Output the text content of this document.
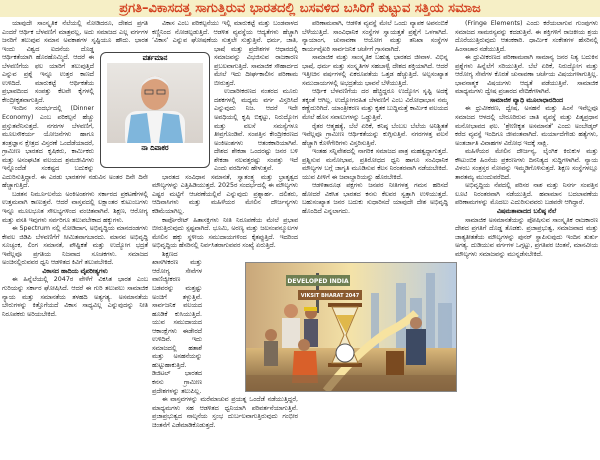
ಪ್ರಗತಿ–ವಿಕಾಸದತ್ತ ಸಾಗುತ್ತಿರುವ ಭಾರತದಲ್ಲಿ ಬಸವಳಿದ ಬಸಿರಿಗೆ ಕುಟ್ಟುವ ಸತ್ತಿಯ ಸಮಾಜ

ಯಾವುದೇ ಸಾಂಸ್ಕೃತಿಕ ನೆಲೆಯಲ್ಲಿ ನೋಡಿದರೂ, ದೇಶದ ಪ್ರಗತಿ ಎಂದರೆ ಆರ್ಥಿಕ ಬೆಳವಣಿಗೆ ಮಾತ್ರವಲ್ಲ, ಅದು ಸಮಾಜದ ಎಲ್ಲ ವರ್ಗಗಳ ಜನರಿಗೆ ತಲುಪುವ ಸಮಾನ ಅವಕಾಶಗಳ ಸೃಷ್ಟಿಯೂ ಹೌದು. ಭಾರತ ಇಂದು ವಿಶ್ವದ ಐದನೆಯ ದೊಡ್ಡ ಆರ್ಥಿಕತೆಯಾಗಿ ಹೊರಹೊಮ್ಮಿದೆ. ಆದರೆ ಈ ಬೆಳವಣಿಗೆಯ ಫಲ ಯಾರಿಗೆ ತಲುಪುತ್ತಿದೆ ಎನ್ನುವ ಪ್ರಶ್ನೆ ಇನ್ನೂ ಉತ್ತರ ಕಾಣದೆ ಉಳಿದಿದೆ. ಮಾರುಕಟ್ಟೆ ಆರ್ಥಿಕತೆಯ ಪ್ರಭಾವದಿಂದ ಸಂಪತ್ತು ಕೆಲವೇ ಕೈಗಳಲ್ಲಿ ಕೇಂದ್ರೀಕೃತವಾಗುತ್ತಿದೆ.

ಇಂದಿನ ಸಂದರ್ಭದಲ್ಲಿ (Dinner Economy) ಎಂಬ ಪರಿಕಲ್ಪನೆ ಹೆಚ್ಚು ಪ್ರಸ್ತುತವೆನಿಸುತ್ತದೆ. ನಗರಗಳ ಬೆಳವಣಿಗೆ, ಮೂಲಸೌಕರ್ಯ ಯೋಜನೆಗಳು ಹಾಗೂ ತಂತ್ರಜ್ಞಾನ ಕ್ಷೇತ್ರದ ವಿಸ್ತರಣೆ ಒಂದೆಡೆಯಾದರೆ, ಗ್ರಾಮೀಣ ಭಾರತದ ಕೃಷಿಕರು, ಕಾರ್ಮಿಕರು ಮತ್ತು ಅಸಂಘಟಿತ ವಲಯದ ಶ್ರಮಜೀವಿಗಳು ಇನ್ನೊಂದೆಡೆ ಸಂಕಷ್ಟದ ಬದುಕನ್ನು ಎದುರಿಸುತ್ತಿದ್ದಾರೆ. ಈ ಎರಡು ಭಾರತಗಳ ನಡುವಿನ ಅಂತರ ದಿನೇ ದಿನೇ ಹೆಚ್ಚಾಗುತ್ತಿದೆ.

ಬಡತನ ನಿರ್ಮೂಲನೆಯ ಅಂಕಿಅಂಶಗಳು ಸರ್ಕಾರದ ಪ್ರಕಟಣೆಗಳಲ್ಲಿ ಉತ್ತಮವಾಗಿ ಕಾಣುತ್ತವೆ. ಆದರೆ ವಾಸ್ತವದಲ್ಲಿ ಲಕ್ಷಾಂತರ ಕುಟುಂಬಗಳು ಇನ್ನೂ ಮೂಲಭೂತ ಸೌಲಭ್ಯಗಳಿಂದ ವಂಚಿತವಾಗಿವೆ. ಶಿಕ್ಷಣ, ಆರೋಗ್ಯ ಮತ್ತು ವಸತಿ ಇವುಗಳು ಸರ್ವರಿಗೂ ತಲುಪಬೇಕಾದ ಹಕ್ಕುಗಳು.

ಈ Spectrum ನಲ್ಲಿ ನೋಡಿದಾಗ, ಅಭಿವೃದ್ಧಿಯ ಮಾನದಂಡಗಳು ಕೇವಲ ಜಿಡಿಪಿ ಬೆಳವಣಿಗೆಗೆ ಸೀಮಿತವಾಗಬಾರದು. ಮಾನವ ಅಭಿವೃದ್ಧಿ ಸೂಚ್ಯಂಕ, ಲಿಂಗ ಸಮಾನತೆ, ಪೌಷ್ಟಿಕತೆ ಮತ್ತು ಉದ್ಯೋಗ ಭದ್ರತೆ ಇವೆಲ್ಲವೂ ಪ್ರಗತಿಯ ನಿಜವಾದ ಸೂಚಕಗಳು. ಸಮಾಜದ ಅಂಚಿನಲ್ಲಿರುವವರ ಧ್ವನಿ ಆಡಳಿತದ ಕಿವಿಗೆ ತಲುಪಬೇಕಿದೆ.

ವಿಕಾಸದ ಹಾದಿಯ ವೈಪರೀತ್ಯಗಳು

ಈ ಹಿನ್ನೆಲೆಯಲ್ಲಿ 2047ರ ವೇಳೆಗೆ ವಿಕಸಿತ ಭಾರತ ಎಂಬ ಗುರಿಯನ್ನು ಸರ್ಕಾರ ಘೋಷಿಸಿದೆ. ಆದರೆ ಈ ಗುರಿ ತಲುಪಲು ಸಾಮಾಜಿಕ ನ್ಯಾಯ ಮತ್ತು ಸಮಾನತೆಯ ತಳಹದಿ ಅತ್ಯಗತ್ಯ. ಅಸಮಾನತೆಯ ಬೇರುಗಳನ್ನು ಕಿತ್ತೊಗೆಯದೆ ವಿಕಾಸ ಸಾಧ್ಯವಿಲ್ಲ ಎನ್ನುವುದನ್ನು ನೀತಿ ನಿರೂಪಕರು ಅರಿಯಬೇಕಿದೆ.

ವಿಕಾಸ ಎಂಬ ಪರಿಕಲ್ಪನೆಯು ಇಲ್ಲಿ ಮಾರುಕಟ್ಟೆ ಮತ್ತು ಬಂಡವಾಳದ ಕಣ್ಣಿನಿಂದ ನೋಡಲ್ಪಡುತ್ತಿದೆ. ಆಡಳಿತ ವ್ಯವಸ್ಥೆಯ ಆದ್ಯತೆಗಳು ಹೆಚ್ಚಾಗಿ ‘ವಿಕಾಸ’ ಎನ್ನುವ ಘೋಷಣೆಯ ಸುತ್ತಲೇ ಸುತ್ತುತ್ತಿವೆ. ಧರ್ಮ, ಜಾತಿ, ಭಾಷೆ ಮತ್ತು ಪ್ರದೇಶಗಳ ಆಧಾರದಲ್ಲಿ ಸಮಾಜವನ್ನು ವಿಭಜಿಸುವ ರಾಜಕಾರಣ ಪ್ರಬಲವಾಗುತ್ತಿದೆ. ಸಾಮಾಜಿಕ ಸೌಹಾರ್ದದ ಮೇಲೆ ಇದು ದೀರ್ಘಕಾಲೀನ ಪರಿಣಾಮ ಬೀರುತ್ತದೆ.

ಉದಾರೀಕರಣದ ನಂತರದ ಮೂರು ದಶಕಗಳಲ್ಲಿ ಮಧ್ಯಮ ವರ್ಗ ವಿಸ್ತರಿಸಿದೆ ಎನ್ನುವುದು ನಿಜ. ಆದರೆ ಇದೇ ಅವಧಿಯಲ್ಲಿ ಕೃಷಿ ಬಿಕ್ಕಟ್ಟು, ನಿರುದ್ಯೋಗ ಮತ್ತು ವಲಸೆ ಸಮಸ್ಯೆಗಳೂ ತೀವ್ರಗೊಂಡಿವೆ. ಸಂಪತ್ತಿನ ಕೇಂದ್ರೀಕರಣದ ಅಂಕಿಅಂಶಗಳು ಆತಂಕಕಾರಿಯಾಗಿವೆ. ದೇಶದ ಶೇಕಡಾ ಒಂದರಷ್ಟು ಜನರ ಬಳಿ ಶೇಕಡಾ ನಲವತ್ತರಷ್ಟು ಸಂಪತ್ತು ಇದೆ ಎಂದು ವರದಿಗಳು ಹೇಳುತ್ತವೆ.

ಭಾರತದ ಸಂವಿಧಾನ ಸಮಾನತೆ, ಸ್ವಾತಂತ್ರ್ಯ ಮತ್ತು ಭ್ರಾತೃತ್ವದ ಮೌಲ್ಯಗಳನ್ನು ಎತ್ತಿಹಿಡಿಯುತ್ತದೆ. 2025ರ ಸಂದರ್ಭದಲ್ಲಿ ಈ ಮೌಲ್ಯಗಳು ಎಷ್ಟರ ಮಟ್ಟಿಗೆ ಆಚರಣೆಯಲ್ಲಿವೆ ಎನ್ನುವುದು ಪ್ರಶ್ನಾರ್ಹ. ದಲಿತರು, ಆದಿವಾಸಿಗಳು ಮತ್ತು ಮಹಿಳೆಯರ ಮೇಲಿನ ದೌರ್ಜನ್ಯಗಳು ಕಡಿಮೆಯಾಗಿಲ್ಲ.

ಕಾರ್ಪೊರೇಟ್ ಹಿತಾಸಕ್ತಿಗಳು ನೀತಿ ನಿರೂಪಣೆಯ ಮೇಲೆ ಪ್ರಭಾವ ಬೀರುತ್ತಿರುವುದು ಸ್ಪಷ್ಟವಾಗಿದೆ. ಭೂಮಿ, ಅರಣ್ಯ ಮತ್ತು ಜಲಸಂಪನ್ಮೂಲಗಳ ಮೇಲಿನ ಹಕ್ಕು ಸ್ಥಳೀಯ ಸಮುದಾಯಗಳಿಂದ ಕೈತಪ್ಪುತ್ತಿದೆ. ಇದರಿಂದ ಅಭಿವೃದ್ಧಿಯ ಹೆಸರಿನಲ್ಲಿ ನಿರ್ವಸಿತರಾಗುವವರ ಸಂಖ್ಯೆ ಏರುತ್ತಿದೆ.

ಶಿಕ್ಷಣದ ಖಾಸಗೀಕರಣ ಮತ್ತು ಆರೋಗ್ಯ ಸೇವೆಗಳ ವಾಣಿಜ್ಯೀಕರಣ ಬಡವರನ್ನು ಮತ್ತಷ್ಟು ಅಂಚಿಗೆ ತಳ್ಳುತ್ತಿವೆ. ಸಾರ್ವಜನಿಕ ವಲಯದ ಹೂಡಿಕೆ ಕುಸಿಯುತ್ತಿದೆ. ಯುವ ಸಮುದಾಯದ ಆಕಾಂಕ್ಷೆಗಳು ಈಡೇರದೆ ಉಳಿದಿವೆ. ಇದು ಸಮಾಜದಲ್ಲಿ ಹತಾಶೆ ಮತ್ತು ಅಸಹನೆಯನ್ನು ಹುಟ್ಟುಹಾಕುತ್ತಿದೆ. ಡಿಜಿಟಲ್ ಭಾರತದ ಕನಸು ಗ್ರಾಮೀಣ ಪ್ರದೇಶಗಳನ್ನು ತಲುಪಿಲ್ಲ.

ಈ ವಾಸ್ತವಗಳನ್ನು ಮರೆಮಾಚುವ ಪ್ರಯತ್ನ ಒಂದೆಡೆ ನಡೆಯುತ್ತಿದ್ದರೆ, ಮಾಧ್ಯಮಗಳು ಸಹ ಆಡಳಿತದ ಧ್ವನಿಯಾಗಿ ಪರಿವರ್ತನೆಯಾಗುತ್ತಿವೆ. ಪ್ರಜಾಪ್ರಭುತ್ವದ ನಾಲ್ಕನೆಯ ಸ್ತಂಭ ದುರ್ಬಲವಾಗುತ್ತಿರುವುದು ಗಂಭೀರ ಚಿಂತನೆಗೆ ಎಡೆಮಾಡಿಕೊಡುತ್ತದೆ.

ಪರಿಣಾಮವಾಗಿ, ಆಡಳಿತ ವ್ಯವಸ್ಥೆ ಮೇಲೆ ಒಂದು ವ್ಯಾಪಕ ಅಪನಂಬಿಕೆ ಬೆಳೆಯುತ್ತಿದೆ. ಸಾಂವಿಧಾನಿಕ ಸಂಸ್ಥೆಗಳ ಸ್ವಾಯತ್ತತೆ ಪ್ರಶ್ನೆಗೆ ಒಳಗಾಗಿದೆ. ನ್ಯಾಯಾಂಗ, ಚುನಾವಣಾ ಆಯೋಗ ಮತ್ತು ತನಿಖಾ ಸಂಸ್ಥೆಗಳ ಕಾರ್ಯವೈಖರಿ ಸಾರ್ವಜನಿಕ ಚರ್ಚೆಗೆ ಗ್ರಾಸವಾಗಿದೆ.

ಸಾಮಾಜಿಕ ಮತ್ತು ಸಾಂಸ್ಕೃತಿಕ ಬಹುತ್ವ ಭಾರತದ ಜೀವಾಳ. ವಿಭಿನ್ನ ಭಾಷೆ, ಧರ್ಮ ಮತ್ತು ಸಂಸ್ಕೃತಿಗಳ ಸಹಬಾಳ್ವೆ ದೇಶದ ಶಕ್ತಿಯಾಗಿದೆ. ಆದರೆ ಇತ್ತೀಚಿನ ವರ್ಷಗಳಲ್ಲಿ ಏಕರೂಪತೆಯ ಒತ್ತಡ ಹೆಚ್ಚುತ್ತಿದೆ. ಅಲ್ಪಸಂಖ್ಯಾತ ಸಮುದಾಯಗಳಲ್ಲಿ ಅಭದ್ರತೆಯ ಭಾವನೆ ಬೆಳೆಯುತ್ತಿದೆ.

ಆರ್ಥಿಕ ಬೆಳವಣಿಗೆಯ ದರ ಹೆಚ್ಚಿದ್ದರೂ ಉದ್ಯೋಗ ಸೃಷ್ಟಿ ಅದಕ್ಕೆ ತಕ್ಕಂತೆ ಆಗಿಲ್ಲ. ಉದ್ಯೋಗರಹಿತ ಬೆಳವಣಿಗೆ ಎಂಬ ವಿರೋಧಾಭಾಸ ನಮ್ಮ ಕಣ್ಣೆದುರಿಗಿದೆ. ಯಾಂತ್ರೀಕರಣ ಮತ್ತು ಕೃತಕ ಬುದ್ಧಿಮತ್ತೆ ಕಾರ್ಮಿಕ ವಲಯದ ಮೇಲೆ ಹೊಸ ಸವಾಲುಗಳನ್ನು ಒಡ್ಡುತ್ತಿವೆ.

ರೈತರ ಆತ್ಮಹತ್ಯೆ, ಬೆಲೆ ಏರಿಕೆ, ಕನಿಷ್ಠ ಬೆಂಬಲ ಬೆಲೆಯ ಅನಿಶ್ಚಿತತೆ ಇವೆಲ್ಲವೂ ಗ್ರಾಮೀಣ ಆರ್ಥಿಕತೆಯನ್ನು ಕುಗ್ಗಿಸುತ್ತಿವೆ. ನಗರಗಳತ್ತ ವಲಸೆ ಹೆಚ್ಚಾಗಿ ಕೊಳೆಗೇರಿಗಳು ವಿಸ್ತರಿಸುತ್ತಿವೆ.

ಇಂತಹ ಸನ್ನಿವೇಶದಲ್ಲಿ ನಾಗರಿಕ ಸಮಾಜದ ಪಾತ್ರ ಮಹತ್ವದ್ದಾಗುತ್ತದೆ. ಪ್ರಶ್ನಿಸುವ ಮನೋಭಾವ, ಪ್ರತಿರೋಧದ ಧ್ವನಿ ಹಾಗೂ ಸಂವಿಧಾನಿಕ ಮೌಲ್ಯಗಳ ಬಗ್ಗೆ ಜಾಗೃತಿ ಮೂಡಿಸುವ ಕೆಲಸ ನಿರಂತರವಾಗಿ ನಡೆಯಬೇಕಿದೆ. ಯುವ ಪೀಳಿಗೆ ಈ ಜವಾಬ್ದಾರಿಯನ್ನು ಹೊರಬೇಕಿದೆ.

ಆಡಳಿತಾರೂಢ ಪಕ್ಷಗಳು ಜನಪರ ನೀತಿಗಳತ್ತ ಗಮನ ಹರಿಸದೆ ಹೋದರೆ ವಿಕಸಿತ ಭಾರತದ ಕನಸು ಕೆಲವರ ಸ್ವತ್ತಾಗಿ ಉಳಿಯುತ್ತದೆ. ಬಹುಸಂಖ್ಯಾತ ಜನರ ಬದುಕು ಸುಧಾರಿಸದೆ ಯಾವುದೇ ದೇಶ ಅಭಿವೃದ್ಧಿ ಹೊಂದಿದೆ ಎನ್ನಲಾಗದು.

(Fringe Elements) ಎಂದು ಕರೆಯಲಾಗುವ ಗುಂಪುಗಳು ಸಮಾಜದ ಸಾಮರಸ್ಯವನ್ನು ಕದಡುತ್ತಿವೆ. ಈ ಶಕ್ತಿಗಳಿಗೆ ರಾಜಕೀಯ ಶ್ರಯ ದೊರೆಯುತ್ತಿರುವುದು ಆತಂಕಕಾರಿ. ಧಾರ್ಮಿಕ ಸಂಕೇತಗಳ ಹೆಸರಿನಲ್ಲಿ ಹಿಂಸಾಚಾರ ನಡೆಯುತ್ತಿದೆ.

ಈ ಧ್ರುವೀಕರಣದ ಪರಿಣಾಮವಾಗಿ ಸಾಮಾನ್ಯ ಜನರ ನಿತ್ಯ ಬದುಕಿನ ಪ್ರಶ್ನೆಗಳು ಹಿನ್ನೆಲೆಗೆ ಸರಿಯುತ್ತಿವೆ. ಬೆಲೆ ಏರಿಕೆ, ನಿರುದ್ಯೋಗ ಮತ್ತು ಆರೋಗ್ಯ ಸೇವೆಗಳ ಕೊರತೆ ಚುನಾವಣಾ ಚರ್ಚೆಯ ವಿಷಯಗಳಾಗುತ್ತಿಲ್ಲ. ಭಾವನಾತ್ಮಕ ವಿಷಯಗಳು ಆದ್ಯತೆ ಪಡೆಯುತ್ತಿವೆ. ಸಾಮಾಜಿಕ ಮಾಧ್ಯಮಗಳು ದ್ವೇಷ ಪ್ರಚಾರದ ವೇದಿಕೆಗಳಾಗಿವೆ.

ಸಾಮಾಜಿಕ ವ್ಯಾಧಿ ಮೂಲಾಧಾರದಿಂದ

ಈ ಧ್ರುವೀಕರಣ, ದ್ವೇಷ, ಅಸಹನೆ ಮತ್ತು ಹಿಂಸೆ ಇವೆಲ್ಲವೂ ಸಮಾಜದ ಆಳದಲ್ಲಿ ಬೇರೂರಿರುವ ಜಾತಿ ವ್ಯವಸ್ಥೆ ಮತ್ತು ಪಿತೃಪ್ರಧಾನ ಮನೋಭಾವದ ಫಲ. ‘ಶ್ರೇಣೀಕೃತ ಅಸಮಾನತೆ’ ಎಂದು ಅಂಬೇಡ್ಕರ್ ಕರೆದ ವ್ಯವಸ್ಥೆ ಇಂದಿಗೂ ಜೀವಂತವಾಗಿದೆ. ಮರ್ಯಾದೆಗೇಡು ಹತ್ಯೆಗಳು, ಅಂತರ್ಜಾತಿ ವಿವಾಹಗಳ ವಿರೋಧ ಇದಕ್ಕೆ ಸಾಕ್ಷಿ.

ಮಹಿಳೆಯರ ಮೇಲಿನ ದೌರ್ಜನ್ಯ, ಲೈಂಗಿಕ ಕಿರುಕುಳ ಮತ್ತು ಕೌಟುಂಬಿಕ ಹಿಂಸೆಯ ಪ್ರಕರಣಗಳು ದಿನನಿತ್ಯದ ಸುದ್ದಿಗಳಾಗಿವೆ. ನ್ಯಾಯ ವಿಳಂಬ ಸಂತ್ರಸ್ತರ ನೋವನ್ನು ಇಮ್ಮಡಿಗೊಳಿಸುತ್ತದೆ. ಶಿಕ್ಷಣ ಸಂಸ್ಥೆಗಳಲ್ಲೂ ತಾರತಮ್ಯ ಮುಂದುವರೆದಿದೆ.

ಅಭಿವೃದ್ಧಿಯ ನೆಪದಲ್ಲಿ ಪರಿಸರ ನಾಶ ಮತ್ತು ನಿಸರ್ಗ ಸಂಪತ್ತಿನ ಲೂಟಿ ನಿರಂತರವಾಗಿ ನಡೆಯುತ್ತಿದೆ. ಹವಾಮಾನ ಬದಲಾವಣೆಯ ಪರಿಣಾಮಗಳನ್ನು ಮೊದಲು ಎದುರಿಸುವವರು ಬಡವರೇ ಆಗಿದ್ದಾರೆ.

ವಿಷಮತಾವಾದದ ಬಲಿಷ್ಠ ನೆಲೆ

ಸಾಮಾಜಿಕ ಅಸಮಾನತೆಯನ್ನು ಪೋಷಿಸುವ ಸಾಂಸ್ಕೃತಿಕ ರಾಜಕಾರಣ ದೇಶದ ಪ್ರಗತಿಗೆ ದೊಡ್ಡ ತೊಡಕು. ಪ್ರಜಾಪ್ರಭುತ್ವ, ಸಮಾಜವಾದ ಮತ್ತು ಜಾತ್ಯತೀತತೆಯ ಮೌಲ್ಯಗಳನ್ನು ಪುನರ್ ಸ್ಥಾಪಿಸುವುದು ಇಂದಿನ ತುರ್ತು ಅಗತ್ಯ. ದುಡಿಯುವ ವರ್ಗಗಳ ಒಗ್ಗಟ್ಟು, ಪ್ರಗತಿಪರ ಚಿಂತನೆ, ಮಾನವೀಯ ಮೌಲ್ಯಗಳು ಸಮಾಜವನ್ನು ಮುನ್ನಡೆಸಬೇಕಿದೆ.

ವರ್ತಮಾನ
ನಾ ದಿವಾಕರ
DEVELOPED INDIA
VIKSIT BHARAT 2047
